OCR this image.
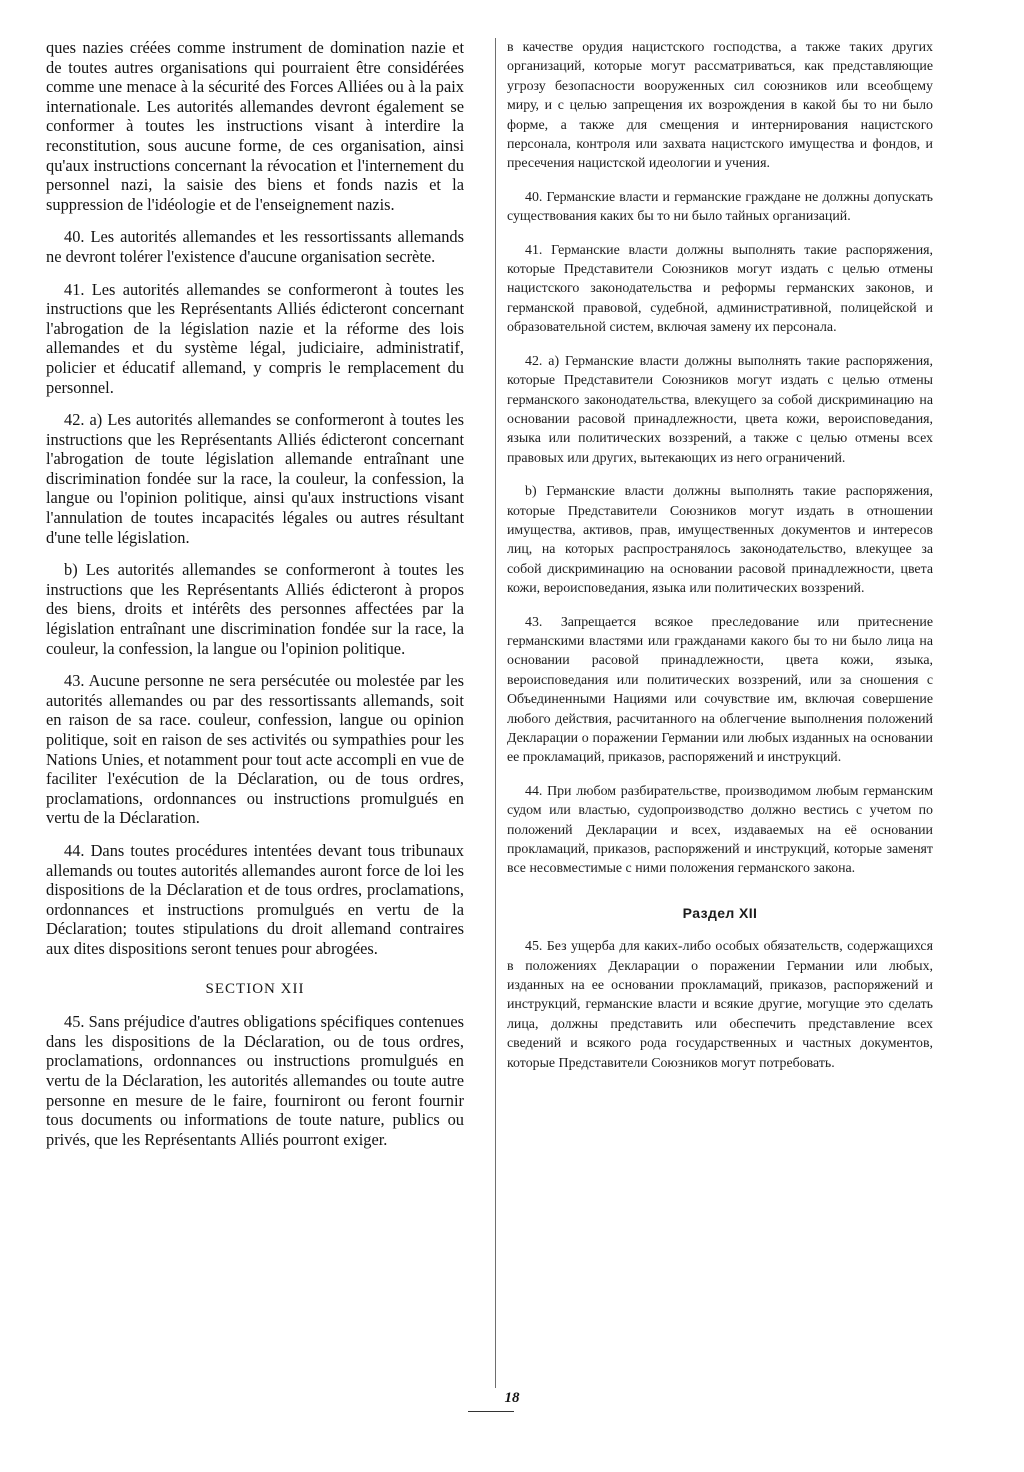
ques nazies créées comme instrument de domination nazie et de toutes autres organisations qui pourraient être considérées comme une menace à la sécurité des Forces Alliées ou à la paix internationale. Les autorités allemandes devront également se conformer à toutes les instructions visant à interdire la reconstitution, sous aucune forme, de ces organisation, ainsi qu'aux instructions concernant la révocation et l'internement du personnel nazi, la saisie des biens et fonds nazis et la suppression de l'idéologie et de l'enseignement nazis.

40. Les autorités allemandes et les ressortissants allemands ne devront tolérer l'existence d'aucune organisation secrète.

41. Les autorités allemandes se conformeront à toutes les instructions que les Représentants Alliés édicteront concernant l'abrogation de la législation nazie et la réforme des lois allemandes et du système légal, judiciaire, administratif, policier et éducatif allemand, y compris le remplacement du personnel.

42. a) Les autorités allemandes se conformeront à toutes les instructions que les Représentants Alliés édicteront concernant l'abrogation de toute législation allemande entraînant une discrimination fondée sur la race, la couleur, la confession, la langue ou l'opinion politique, ainsi qu'aux instructions visant l'annulation de toutes incapacités légales ou autres résultant d'une telle législation.

b) Les autorités allemandes se conformeront à toutes les instructions que les Représentants Alliés édicteront à propos des biens, droits et intérêts des personnes affectées par la législation entraînant une discrimination fondée sur la race, la couleur, la confession, la langue ou l'opinion politique.

43. Aucune personne ne sera persécutée ou molestée par les autorités allemandes ou par des ressortissants allemands, soit en raison de sa race. couleur, confession, langue ou opinion politique, soit en raison de ses activités ou sympathies pour les Nations Unies, et notamment pour tout acte accompli en vue de faciliter l'exécution de la Déclaration, ou de tous ordres, proclamations, ordonnances ou instructions promulgués en vertu de la Déclaration.

44. Dans toutes procédures intentées devant tous tribunaux allemands ou toutes autorités allemandes auront force de loi les dispositions de la Déclaration et de tous ordres, proclamations, ordonnances et instructions promulgués en vertu de la Déclaration; toutes stipulations du droit allemand contraires aux dites dispositions seront tenues pour abrogées.

SECTION XII

45. Sans préjudice d'autres obligations spécifiques contenues dans les dispositions de la Déclaration, ou de tous ordres, proclamations, ordonnances ou instructions promulgués en vertu de la Déclaration, les autorités allemandes ou toute autre personne en mesure de le faire, fourniront ou feront fournir tous documents ou informations de toute nature, publics ou privés, que les Représentants Alliés pourront exiger.

в качестве орудия нацистского господства, а также таких других организаций, которые могут рассматриваться, как представляющие угрозу безопасности вооруженных сил союзников или всеобщему миру, и с целью запрещения их возрождения в какой бы то ни было форме, а также для смещения и интернирования нацистского персонала, контроля или захвата нацистского имущества и фондов, и пресечения нацистской идеологии и учения.

40. Германские власти и германские граждане не должны допускать существования каких бы то ни было тайных организаций.

41. Германские власти должны выполнять такие распоряжения, которые Представители Союзников могут издать с целью отмены нацистского законодательства и реформы германских законов, и германской правовой, судебной, административной, полицейской и образовательной систем, включая замену их персонала.

42. а) Германские власти должны выполнять такие распоряжения, которые Представители Союзников могут издать с целью отмены германского законодательства, влекущего за собой дискриминацию на основании расовой принадлежности, цвета кожи, вероисповедания, языка или политических воззрений, а также с целью отмены всех правовых или других, вытекающих из него ограничений.

b) Германские власти должны выполнять такие распоряжения, которые Представители Союзников могут издать в отношении имущества, активов, прав, имущественных документов и интересов лиц, на которых распространялось законодательство, влекущее за собой дискриминацию на основании расовой принадлежности, цвета кожи, вероисповедания, языка или политических воззрений.

43. Запрещается всякое преследование или притеснение германскими властями или гражданами какого бы то ни было лица на основании расовой принадлежности, цвета кожи, языка, вероисповедания или политических воззрений, или за сношения с Объединенными Нациями или сочувствие им, включая совершение любого действия, расчитанного на облегчение выполнения положений Декларации о поражении Германии или любых изданных на основании ее прокламаций, приказов, распоряжений и инструкций.

44. При любом разбирательстве, производимом любым германским судом или властью, судопроизводство должно вестись с учетом по положений Декларации и всех, издаваемых на её основании прокламаций, приказов, распоряжений и инструкций, которые заменят все несовместимые с ними положения германского закона.

Раздел XII

45. Без ущерба для каких-либо особых обязательств, содержащихся в положениях Декларации о поражении Германии или любых, изданных на ее основании прокламаций, приказов, распоряжений и инструкций, германские власти и всякие другие, могущие это сделать лица, должны представить или обеспечить представление всех сведений и всякого рода государственных и частных документов, которые Представители Союзников могут потребовать.

18
